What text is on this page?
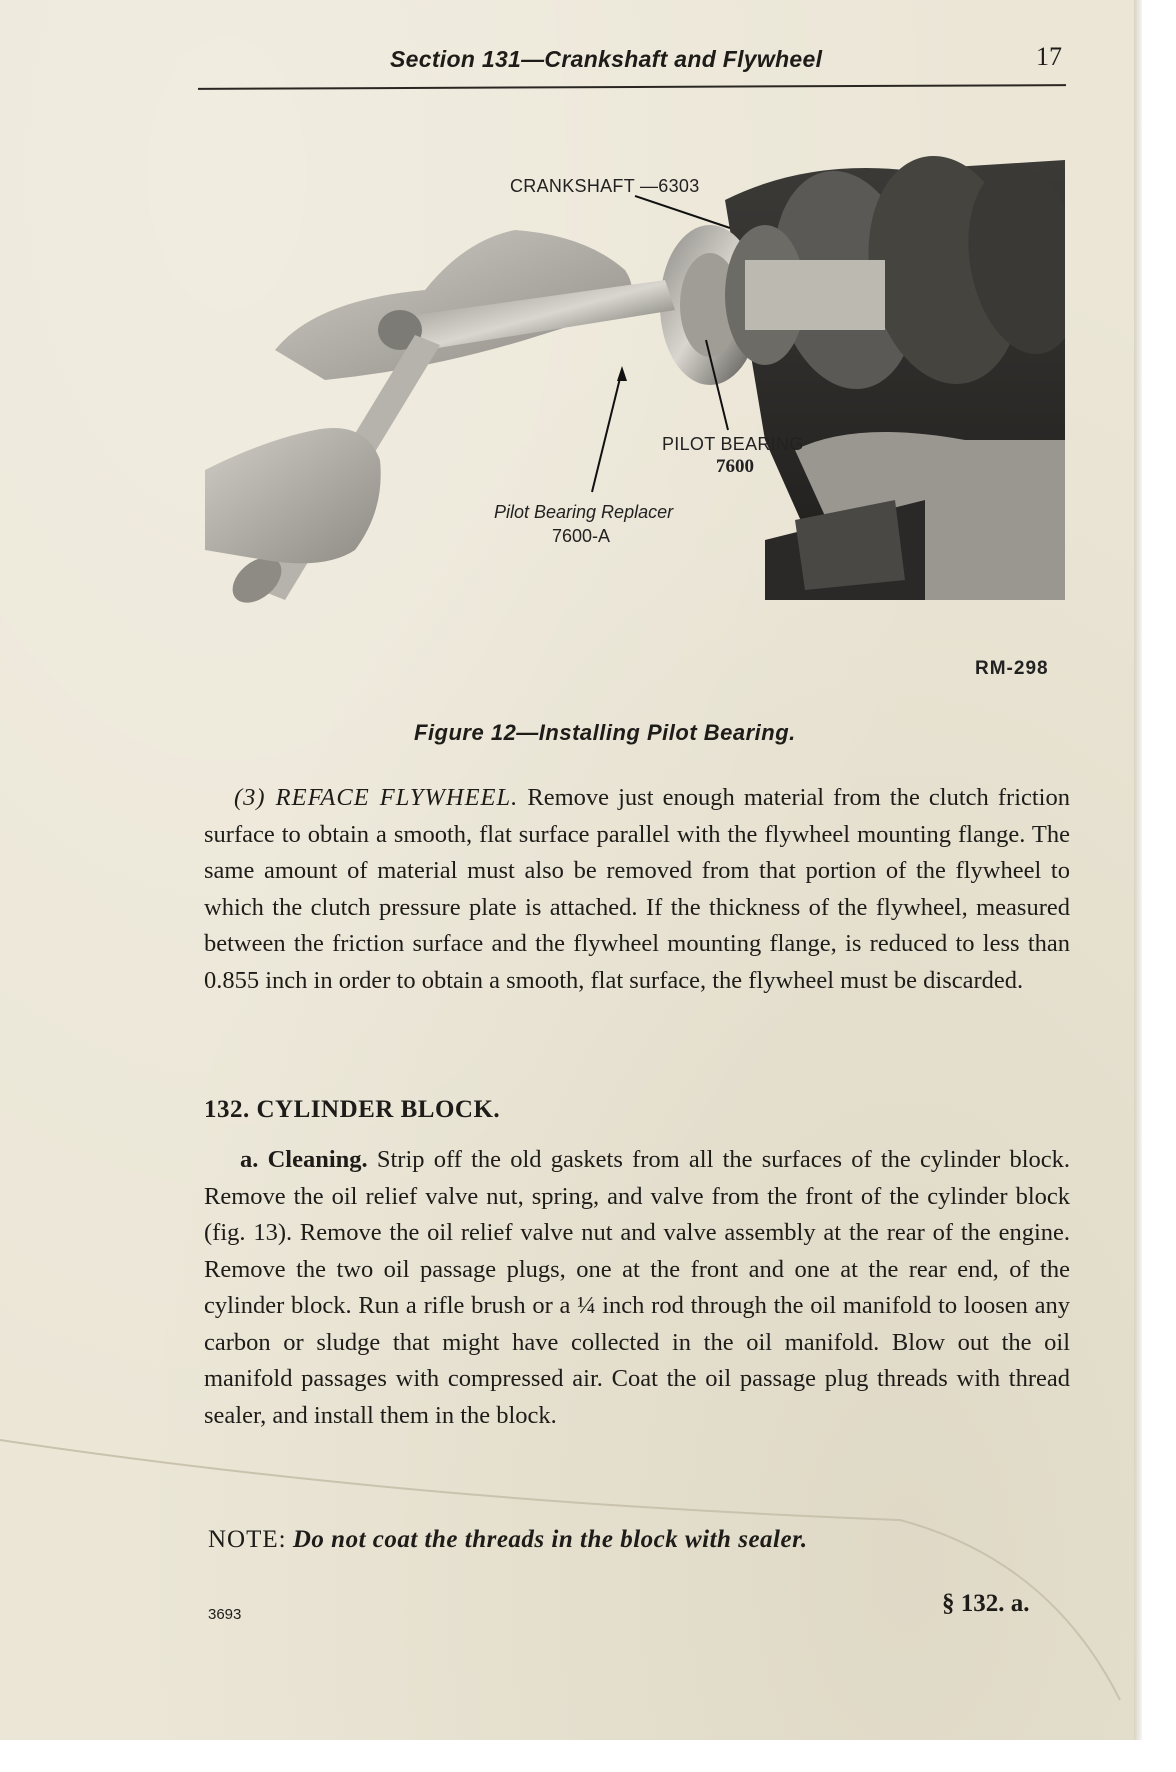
Section 131—Crankshaft and Flywheel	17
CRANKSHAFT —6303
PILOT BEARING
7600
Pilot Bearing Replacer
7600-A
RM-298
Figure 12—Installing Pilot Bearing.
(3) REFACE FLYWHEEL. Remove just enough material from the clutch friction surface to obtain a smooth, flat surface parallel with the flywheel mounting flange. The same amount of material must also be removed from that portion of the flywheel to which the clutch pressure plate is attached. If the thickness of the flywheel, measured between the friction surface and the flywheel mounting flange, is reduced to less than 0.855 inch in order to obtain a smooth, flat surface, the flywheel must be discarded.
132. CYLINDER BLOCK.
a. Cleaning. Strip off the old gaskets from all the surfaces of the cylinder block. Remove the oil relief valve nut, spring, and valve from the front of the cylinder block (fig. 13). Remove the oil relief valve nut and valve assembly at the rear of the engine. Remove the two oil passage plugs, one at the front and one at the rear end, of the cylinder block. Run a rifle brush or a ¼ inch rod through the oil manifold to loosen any carbon or sludge that might have collected in the oil manifold. Blow out the oil manifold passages with compressed air. Coat the oil passage plug threads with thread sealer, and install them in the block.
NOTE: Do not coat the threads in the block with sealer.
3693	§ 132. a.
